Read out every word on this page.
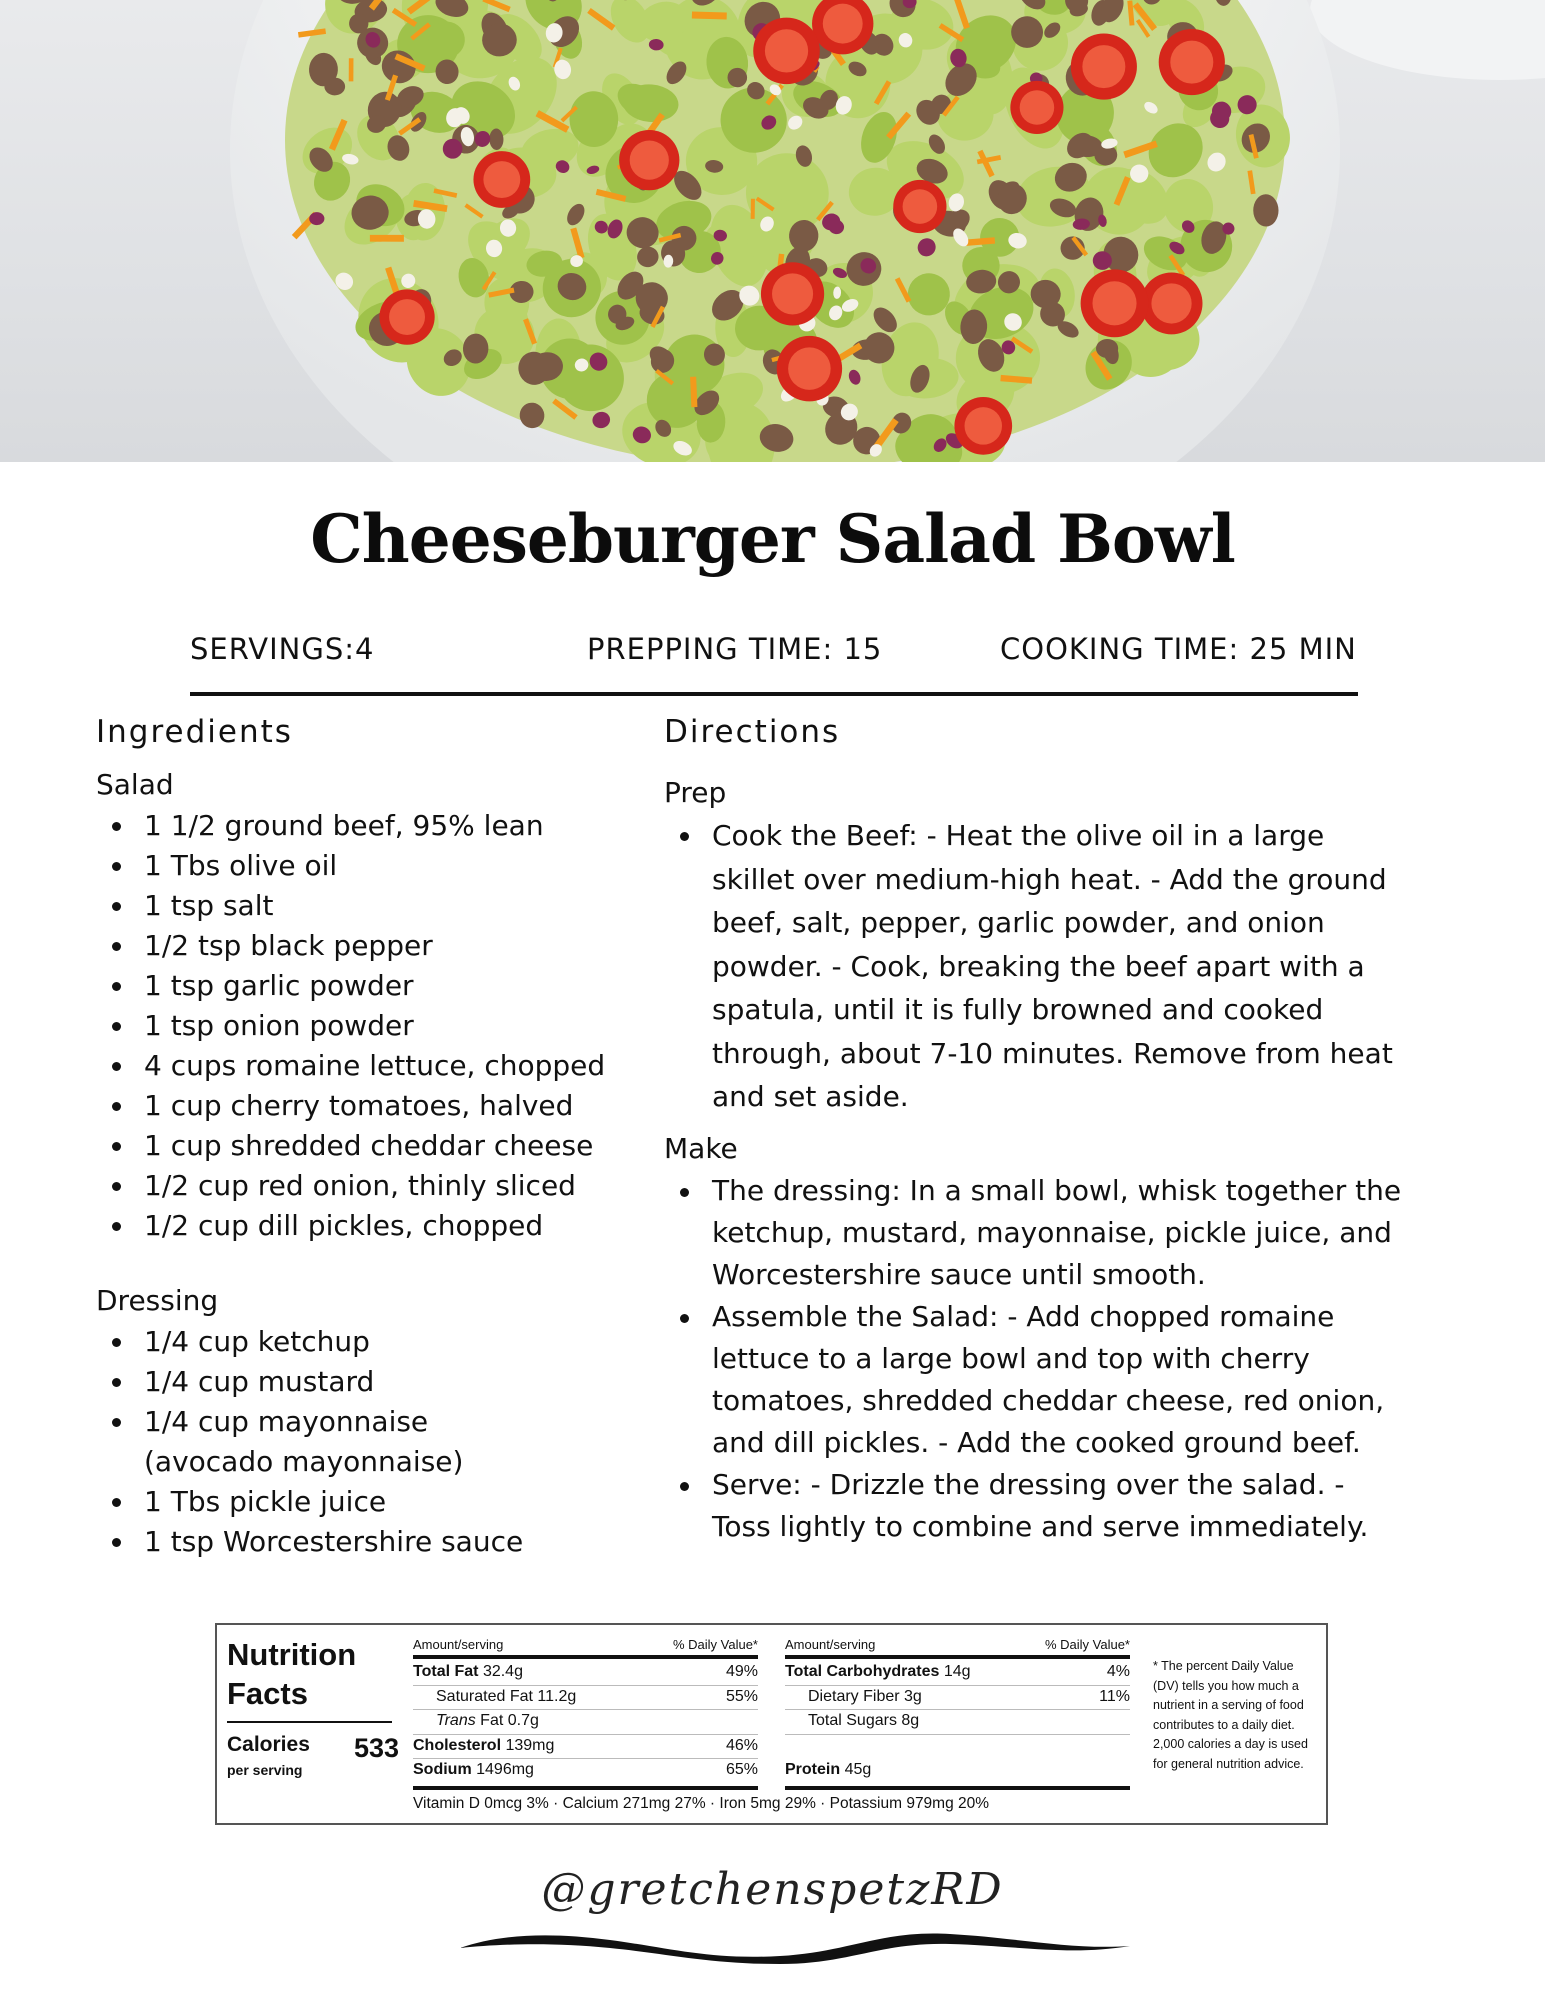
Cheeseburger Salad Bowl
SERVINGS:4	PREPPING TIME: 15	COOKING TIME: 25 MIN
Ingredients
Salad
1 1/2 ground beef, 95% lean
1 Tbs olive oil
1 tsp salt
1/2 tsp black pepper
1 tsp garlic powder
1 tsp onion powder
4 cups romaine lettuce, chopped
1 cup cherry tomatoes, halved
1 cup shredded cheddar cheese
1/2 cup red onion, thinly sliced
1/2 cup dill pickles, chopped
Dressing
1/4 cup ketchup
1/4 cup mustard
1/4 cup mayonnaise (avocado mayonnaise)
1 Tbs pickle juice
1 tsp Worcestershire sauce
Directions
Prep
Cook the Beef: - Heat the olive oil in a large skillet over medium-high heat. - Add the ground beef, salt, pepper, garlic powder, and onion powder. - Cook, breaking the beef apart with a spatula, until it is fully browned and cooked through, about 7-10 minutes. Remove from heat and set aside.
Make
The dressing: In a small bowl, whisk together the ketchup, mustard, mayonnaise, pickle juice, and Worcestershire sauce until smooth.
Assemble the Salad: - Add chopped romaine lettuce to a large bowl and top with cherry tomatoes, shredded cheddar cheese, red onion, and dill pickles. - Add the cooked ground beef.
Serve: - Drizzle the dressing over the salad. - Toss lightly to combine and serve immediately.
Nutrition Facts
Calories
per serving
533
Amount/serving	% Daily Value*
Total Fat 32.4g	49%
Saturated Fat 11.2g	55%
Trans Fat 0.7g
Cholesterol 139mg	46%
Sodium 1496mg	65%
Amount/serving	% Daily Value*
Total Carbohydrates 14g	4%
Dietary Fiber 3g	11%
Total Sugars 8g
Protein 45g
Vitamin D 0mcg 3% · Calcium 271mg 27% · Iron 5mg 29% · Potassium 979mg 20%
* The percent Daily Value (DV) tells you how much a nutrient in a serving of food contributes to a daily diet. 2,000 calories a day is used for general nutrition advice.
@gretchenspetzRD
